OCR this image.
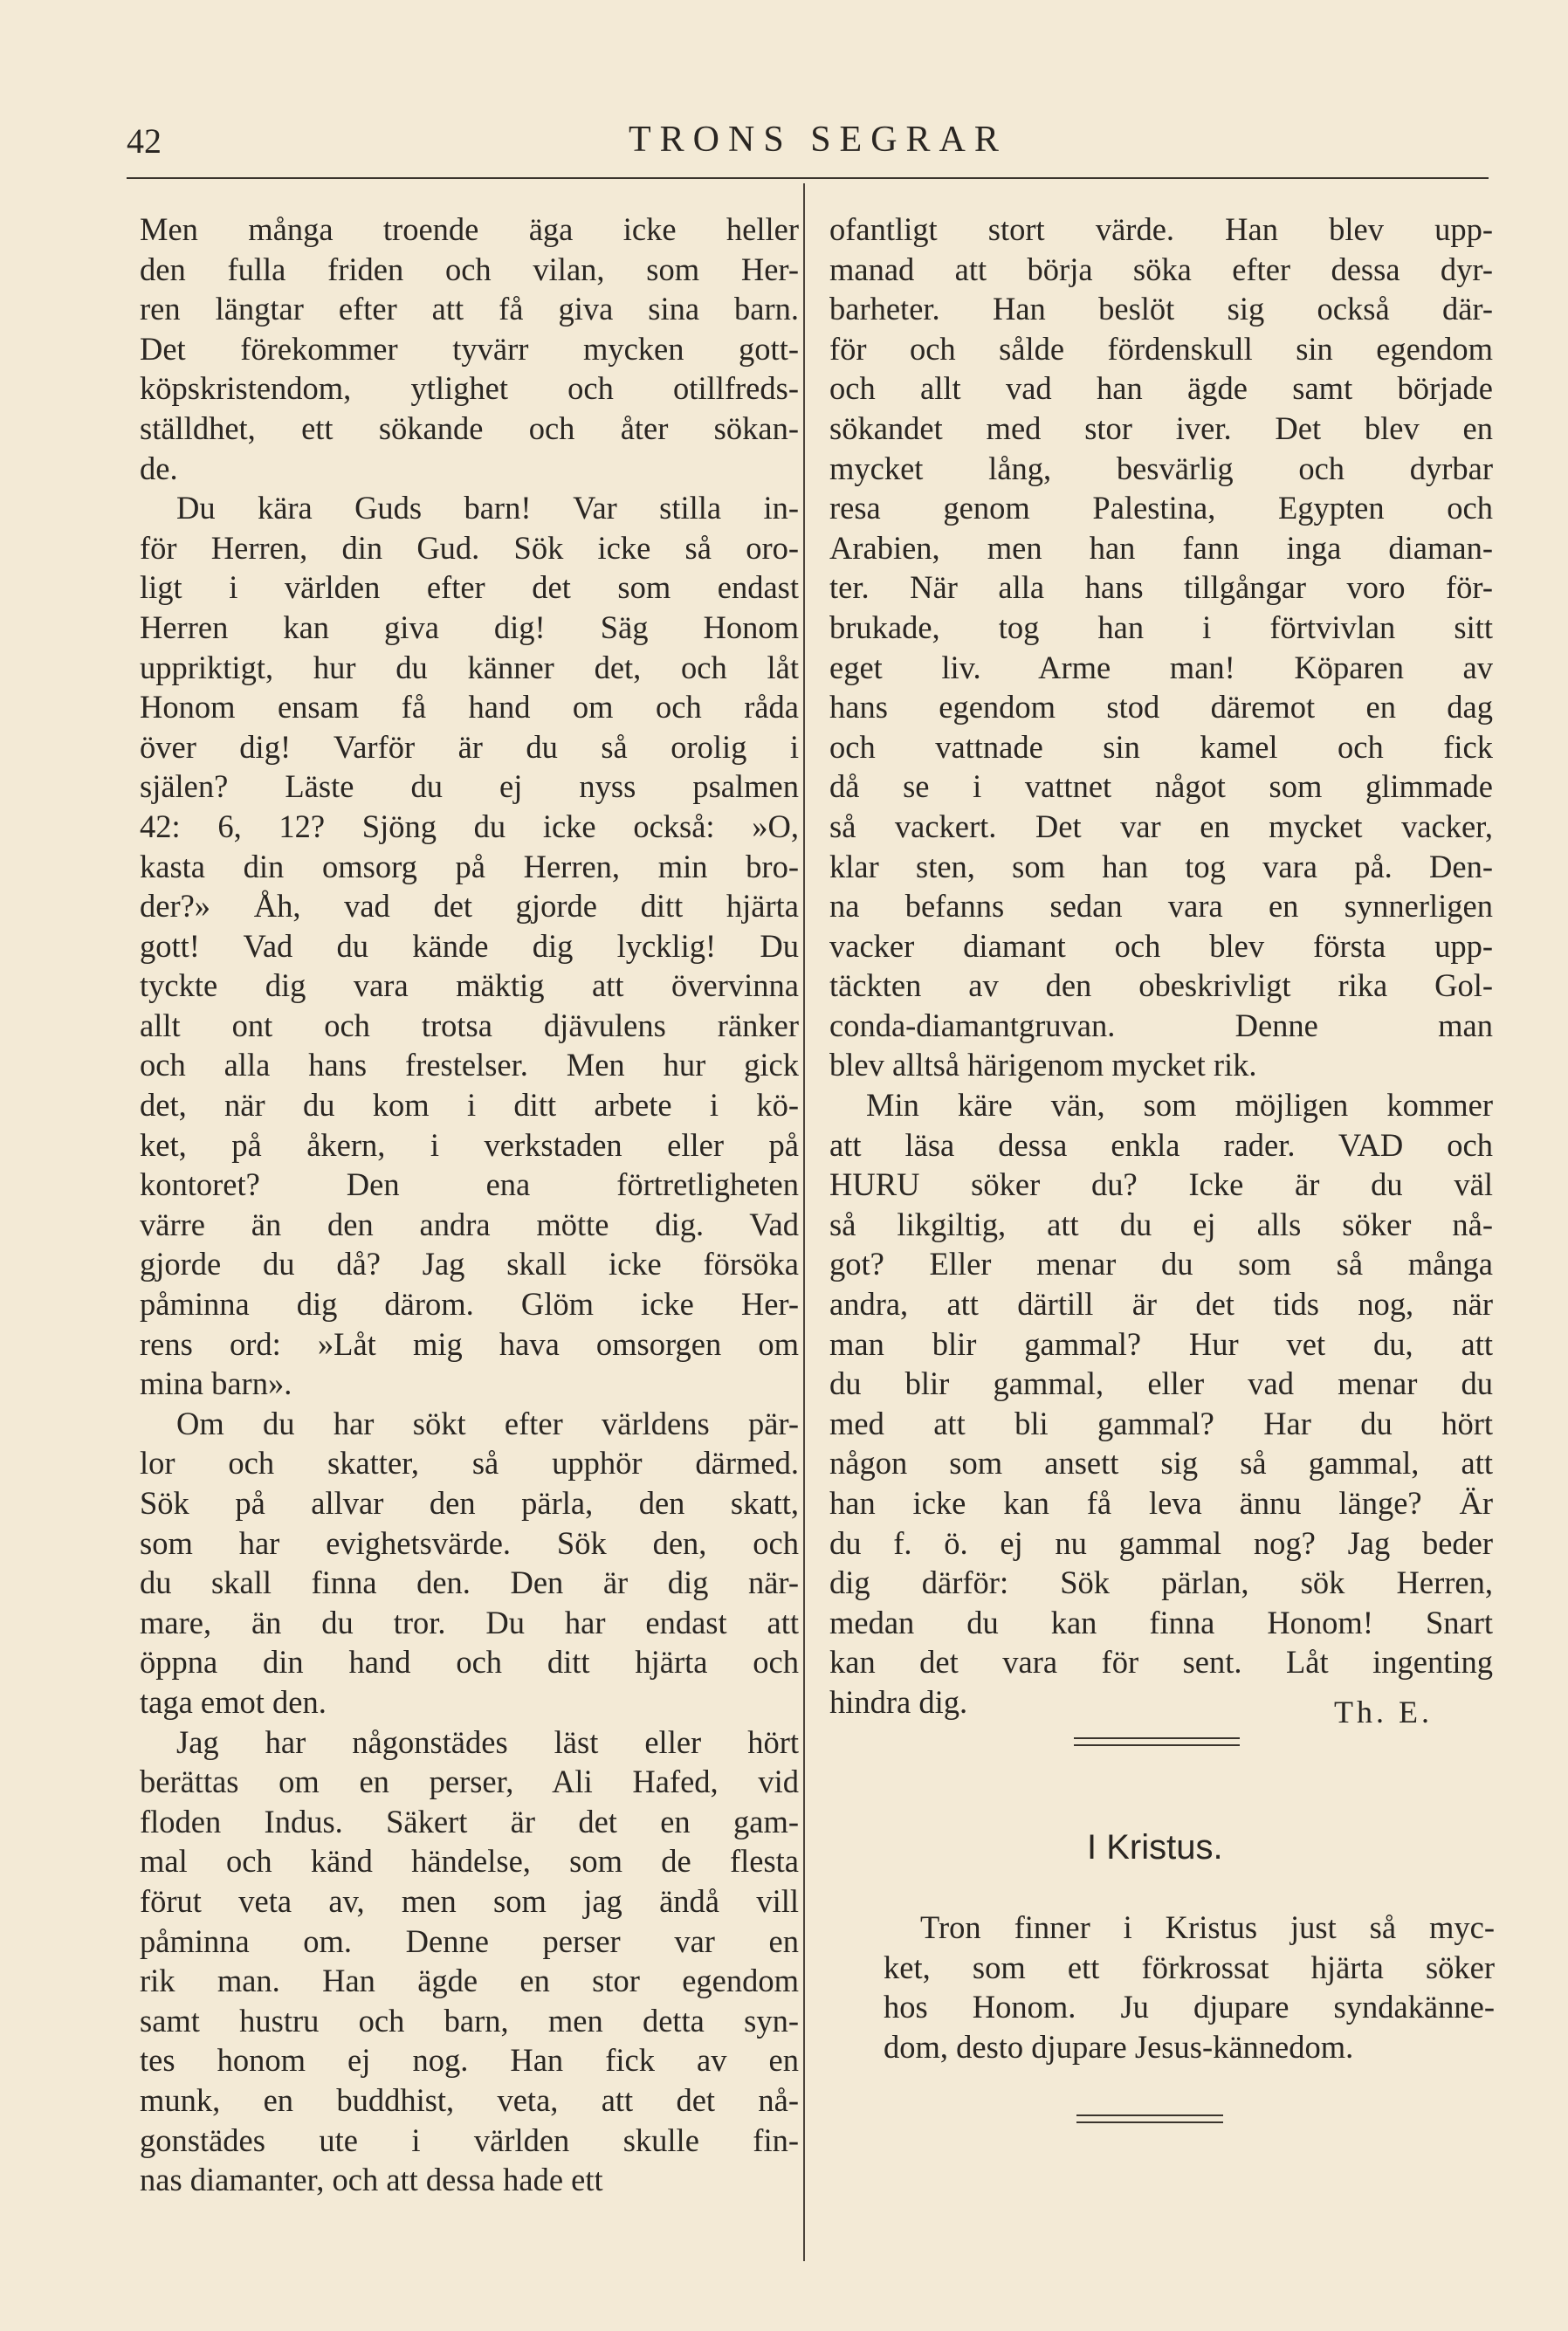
42	TRONS SEGRAR
Men många troende äga icke heller
den fulla friden och vilan, som Her-
ren längtar efter att få giva sina barn.
Det förekommer tyvärr mycken gott-
köpskristendom, ytlighet och otillfreds-
ställdhet, ett sökande och åter sökan-
de.
Du kära Guds barn! Var stilla in-
för Herren, din Gud. Sök icke så oro-
ligt i världen efter det som endast
Herren kan giva dig! Säg Honom
uppriktigt, hur du känner det, och låt
Honom ensam få hand om och råda
över dig! Varför är du så orolig i
själen? Läste du ej nyss psalmen
42: 6, 12? Sjöng du icke också: »O,
kasta din omsorg på Herren, min bro-
der?» Åh, vad det gjorde ditt hjärta
gott! Vad du kände dig lycklig! Du
tyckte dig vara mäktig att övervinna
allt ont och trotsa djävulens ränker
och alla hans frestelser. Men hur gick
det, när du kom i ditt arbete i kö-
ket, på åkern, i verkstaden eller på
kontoret? Den ena förtretligheten
värre än den andra mötte dig. Vad
gjorde du då? Jag skall icke försöka
påminna dig därom. Glöm icke Her-
rens ord: »Låt mig hava omsorgen om
mina barn».
Om du har sökt efter världens pär-
lor och skatter, så upphör därmed.
Sök på allvar den pärla, den skatt,
som har evighetsvärde. Sök den, och
du skall finna den. Den är dig när-
mare, än du tror. Du har endast att
öppna din hand och ditt hjärta och
taga emot den.
Jag har någonstädes läst eller hört
berättas om en perser, Ali Hafed, vid
floden Indus. Säkert är det en gam-
mal och känd händelse, som de flesta
förut veta av, men som jag ändå vill
påminna om. Denne perser var en
rik man. Han ägde en stor egendom
samt hustru och barn, men detta syn-
tes honom ej nog. Han fick av en
munk, en buddhist, veta, att det nå-
gonstädes ute i världen skulle fin-
nas diamanter, och att dessa hade ett
ofantligt stort värde. Han blev upp-
manad att börja söka efter dessa dyr-
barheter. Han beslöt sig också där-
för och sålde fördenskull sin egendom
och allt vad han ägde samt började
sökandet med stor iver. Det blev en
mycket lång, besvärlig och dyrbar
resa genom Palestina, Egypten och
Arabien, men han fann inga diaman-
ter. När alla hans tillgångar voro för-
brukade, tog han i förtvivlan sitt
eget liv. Arme man! Köparen av
hans egendom stod däremot en dag
och vattnade sin kamel och fick
då se i vattnet något som glimmade
så vackert. Det var en mycket vacker,
klar sten, som han tog vara på. Den-
na befanns sedan vara en synnerligen
vacker diamant och blev första upp-
täckten av den obeskrivligt rika Gol-
conda-diamantgruvan. Denne man
blev alltså härigenom mycket rik.
Min käre vän, som möjligen kommer
att läsa dessa enkla rader. VAD och
HURU söker du? Icke är du väl
så likgiltig, att du ej alls söker nå-
got? Eller menar du som så många
andra, att därtill är det tids nog, när
man blir gammal? Hur vet du, att
du blir gammal, eller vad menar du
med att bli gammal? Har du hört
någon som ansett sig så gammal, att
han icke kan få leva ännu länge? Är
du f. ö. ej nu gammal nog? Jag beder
dig därför: Sök pärlan, sök Herren,
medan du kan finna Honom! Snart
kan det vara för sent. Låt ingenting
hindra dig.	Th. E.
I Kristus.
Tron finner i Kristus just så myc-
ket, som ett förkrossat hjärta söker
hos Honom. Ju djupare syndakänne-
dom, desto djupare Jesus-kännedom.
